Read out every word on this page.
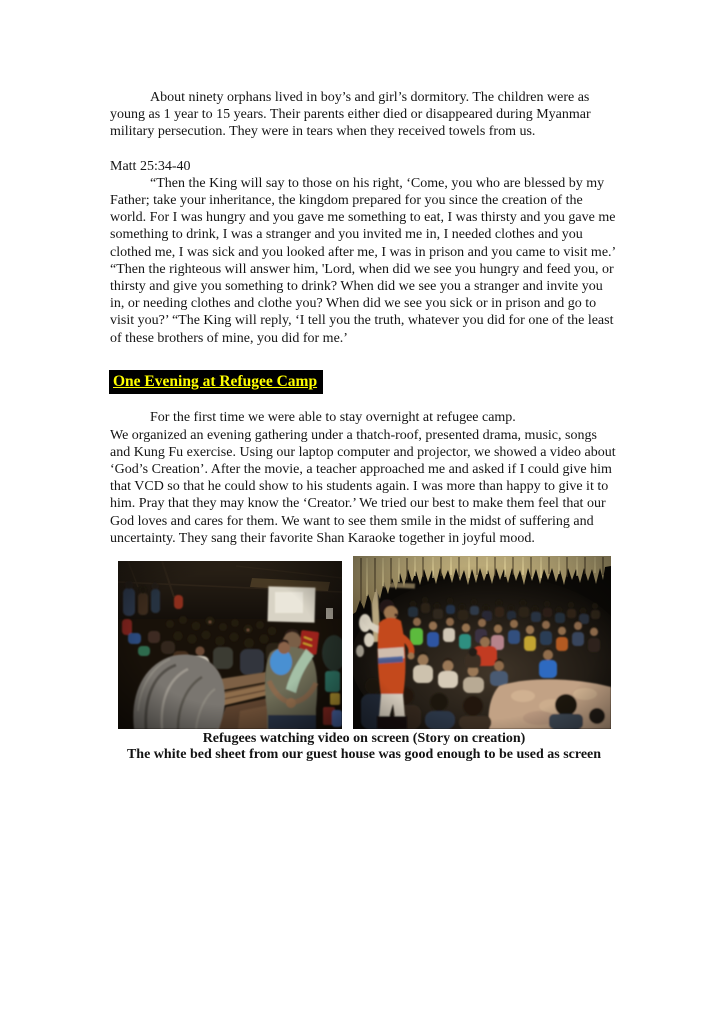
About ninety orphans lived in boy’s and girl’s dormitory. The children were as young as 1 year to 15 years. Their parents either died or disappeared during Myanmar military persecution. They were in tears when they received towels from us.

Matt 25:34-40

“Then the King will say to those on his right, ‘Come, you who are blessed by my Father; take your inheritance, the kingdom prepared for you since the creation of the world. For I was hungry and you gave me something to eat, I was thirsty and you gave me something to drink, I was a stranger and you invited me in, I needed clothes and you clothed me, I was sick and you looked after me, I was in prison and you came to visit me.’ “Then the righteous will answer him, 'Lord, when did we see you hungry and feed you, or thirsty and give you something to drink? When did we see you a stranger and invite you in, or needing clothes and clothe you? When did we see you sick or in prison and go to visit you?’ “The King will reply, ‘I tell you the truth, whatever you did for one of the least of these brothers of mine, you did for me.’

One Evening at Refugee Camp

For the first time we were able to stay overnight at refugee camp.

We organized an evening gathering under a thatch-roof, presented drama, music, songs and Kung Fu exercise. Using our laptop computer and projector, we showed a video about ‘God’s Creation’. After the movie, a teacher approached me and asked if I could give him that VCD so that he could show to his students again. I was more than happy to give it to him. Pray that they may know the ‘Creator.’ We tried our best to make them feel that our God loves and cares for them. We want to see them smile in the midst of suffering and uncertainty. They sang their favorite Shan Karaoke together in joyful mood.

Refugees watching video on screen (Story on creation)

The white bed sheet from our guest house was good enough to be used as screen
